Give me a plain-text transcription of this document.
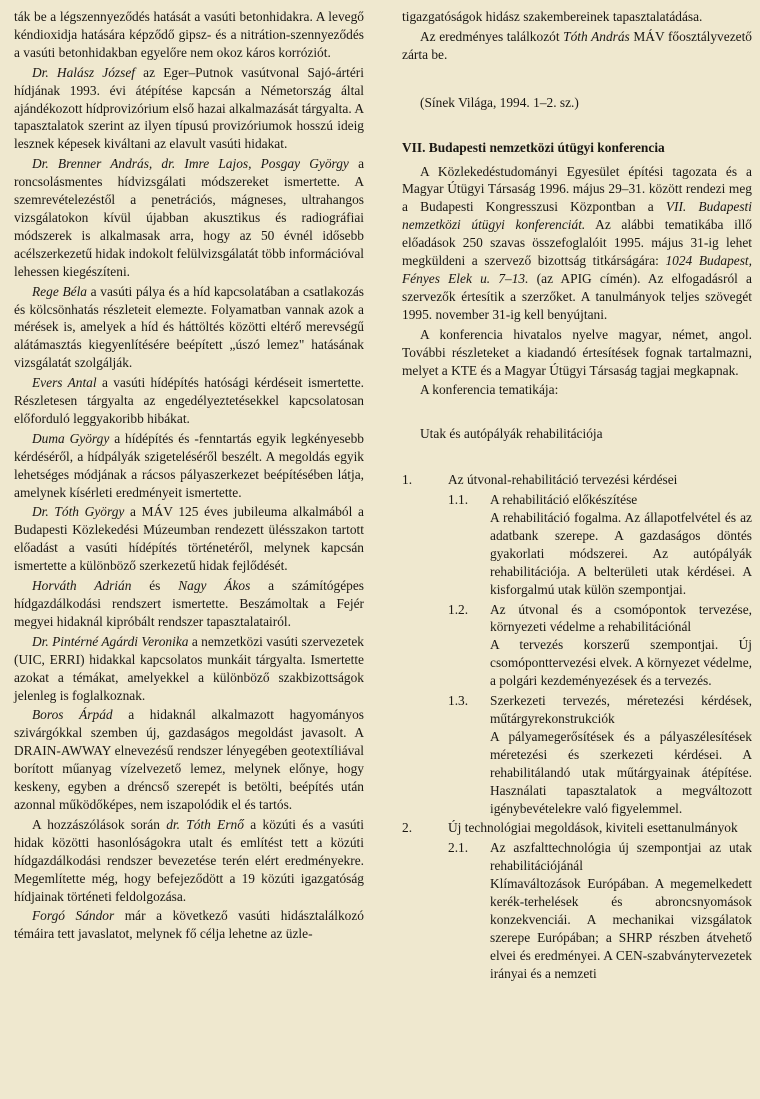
ták be a légszennyeződés hatását a vasúti betonhidakra. A levegő kéndioxidja hatására képződő gipsz- és a nitrátion-szennyeződés a vasúti betonhidakban egyelőre nem okoz káros korróziót.

Dr. Halász József az Eger–Putnok vasútvonal Sajó-ártéri hídjának 1993. évi átépítése kapcsán a Németország által ajándékozott hídprovizórium első hazai alkalmazását tárgyalta. A tapasztalatok szerint az ilyen típusú provizóriumok hosszú ideig lesznek képesek kiváltani az elavult vasúti hidakat.

Dr. Brenner András, dr. Imre Lajos, Posgay György a roncsolásmentes hídvizsgálati módszereket ismertette. A szemrevételezéstől a penetrációs, mágneses, ultrahangos vizsgálatokon kívül újabban akusztikus és radiográfiai módszerek is alkalmasak arra, hogy az 50 évnél idősebb acélszerkezetű hidak indokolt felülvizsgálatát több információval lehessen kiegészíteni.

Rege Béla a vasúti pálya és a híd kapcsolatában a csatlakozás és kölcsönhatás részleteit elemezte. Folyamatban vannak azok a mérések is, amelyek a híd és háttöltés közötti eltérő merevségű alátámasztás kiegyenlítésére beépített „úszó lemez" hatásának vizsgálatát szolgálják.

Evers Antal a vasúti hídépítés hatósági kérdéseit ismertette. Részletesen tárgyalta az engedélyeztetésekkel kapcsolatosan előforduló leggyakoribb hibákat.

Duma György a hídépítés és -fenntartás egyik legkényesebb kérdéséről, a hídpályák szigeteléséről beszélt. A megoldás egyik lehetséges módjának a rácsos pályaszerkezet beépítésében látja, amelynek kísérleti eredményeit ismertette.

Dr. Tóth György a MÁV 125 éves jubileuma alkalmából a Budapesti Közlekedési Múzeumban rendezett ülésszakon tartott előadást a vasúti hídépítés történetéről, melynek kapcsán ismertette a különböző szerkezetű hidak fejlődését.

Horváth Adrián és Nagy Ákos a számítógépes hídgazdálkodási rendszert ismertette. Beszámoltak a Fejér megyei hidaknál kipróbált rendszer tapasztalatairól.

Dr. Pintérné Agárdi Veronika a nemzetközi vasúti szervezetek (UIC, ERRI) hidakkal kapcsolatos munkáit tárgyalta. Ismertette azokat a témákat, amelyekkel a különböző szakbizottságok jelenleg is foglalkoznak.

Boros Árpád a hidaknál alkalmazott hagyományos szivárgókkal szemben új, gazdaságos megoldást javasolt. A DRAIN-AWWAY elnevezésű rendszer lényegében geotextíliával borított műanyag vízelvezető lemez, melynek előnye, hogy keskeny, egyben a dréncső szerepét is betölti, beépítés után azonnal működőképes, nem iszapolódik el és tartós.

A hozzászólások során dr. Tóth Ernő a közúti és a vasúti hidak közötti hasonlóságokra utalt és említést tett a közúti hídgazdálkodási rendszer bevezetése terén elért eredményekre. Megemlítette még, hogy befejeződött a 19 közúti igazgatóság hídjainak történeti feldolgozása.

Forgó Sándor már a következő vasúti hidásztalálkozó témáira tett javaslatot, melynek fő célja lehetne az üzle-

tigazgatóságok hidász szakembereinek tapasztalatádása.

Az eredményes találkozót Tóth András MÁV főosztályvezető zárta be.

(Sínek Világa, 1994. 1–2. sz.)

VII. Budapesti nemzetközi útügyi konferencia

A Közlekedéstudományi Egyesület építési tagozata és a Magyar Útügyi Társaság 1996. május 29–31. között rendezi meg a Budapesti Kongresszusi Központban a VII. Budapesti nemzetközi útügyi konferenciát. Az alábbi tematikába illő előadások 250 szavas összefoglalóit 1995. május 31-ig lehet megküldeni a szervező bizottság titkárságára: 1024 Budapest, Fényes Elek u. 7–13. (az APIG címén). Az elfogadásról a szervezők értesítik a szerzőket. A tanulmányok teljes szövegét 1995. november 31-ig kell benyújtani.

A konferencia hivatalos nyelve magyar, német, angol. További részleteket a kiadandó értesítések fognak tartalmazni, melyet a KTE és a Magyar Útügyi Társaság tagjai megkapnak.

A konferencia tematikája:

Utak és autópályák rehabilitációja

1.	Az útvonal-rehabilitáció tervezési kérdései
1.1.	A rehabilitáció előkészítése
A rehabilitáció fogalma. Az állapotfelvétel és az adatbank szerepe. A gazdaságos döntés gyakorlati módszerei. Az autópályák rehabilitációja. A belterületi utak kérdései. A kisforgalmú utak külön szempontjai.
1.2.	Az útvonal és a csomópontok tervezése, környezeti védelme a rehabilitációnál
A tervezés korszerű szempontjai. Új csomóponttervezési elvek. A környezet védelme, a polgári kezdeményezések és a tervezés.
1.3.	Szerkezeti tervezés, méretezési kérdések, műtárgyrekonstrukciók
A pályamegerősítések és a pályaszélesítések méretezési és szerkezeti kérdései. A rehabilitálandó utak műtárgyainak átépítése. Használati tapasztalatok a megváltozott igénybevételekre való figyelemmel.
2.	Új technológiai megoldások, kiviteli esettanulmányok
2.1.	Az aszfalttechnológia új szempontjai az utak rehabilitációjánál
Klímaváltozások Európában. A megemelkedett kerék-terhelések és abroncsnyomások konzekvenciái. A mechanikai vizsgálatok szerepe Európában; a SHRP részben átvehető elvei és eredményei. A CEN-szabványtervezetek irányai és a nemzeti
